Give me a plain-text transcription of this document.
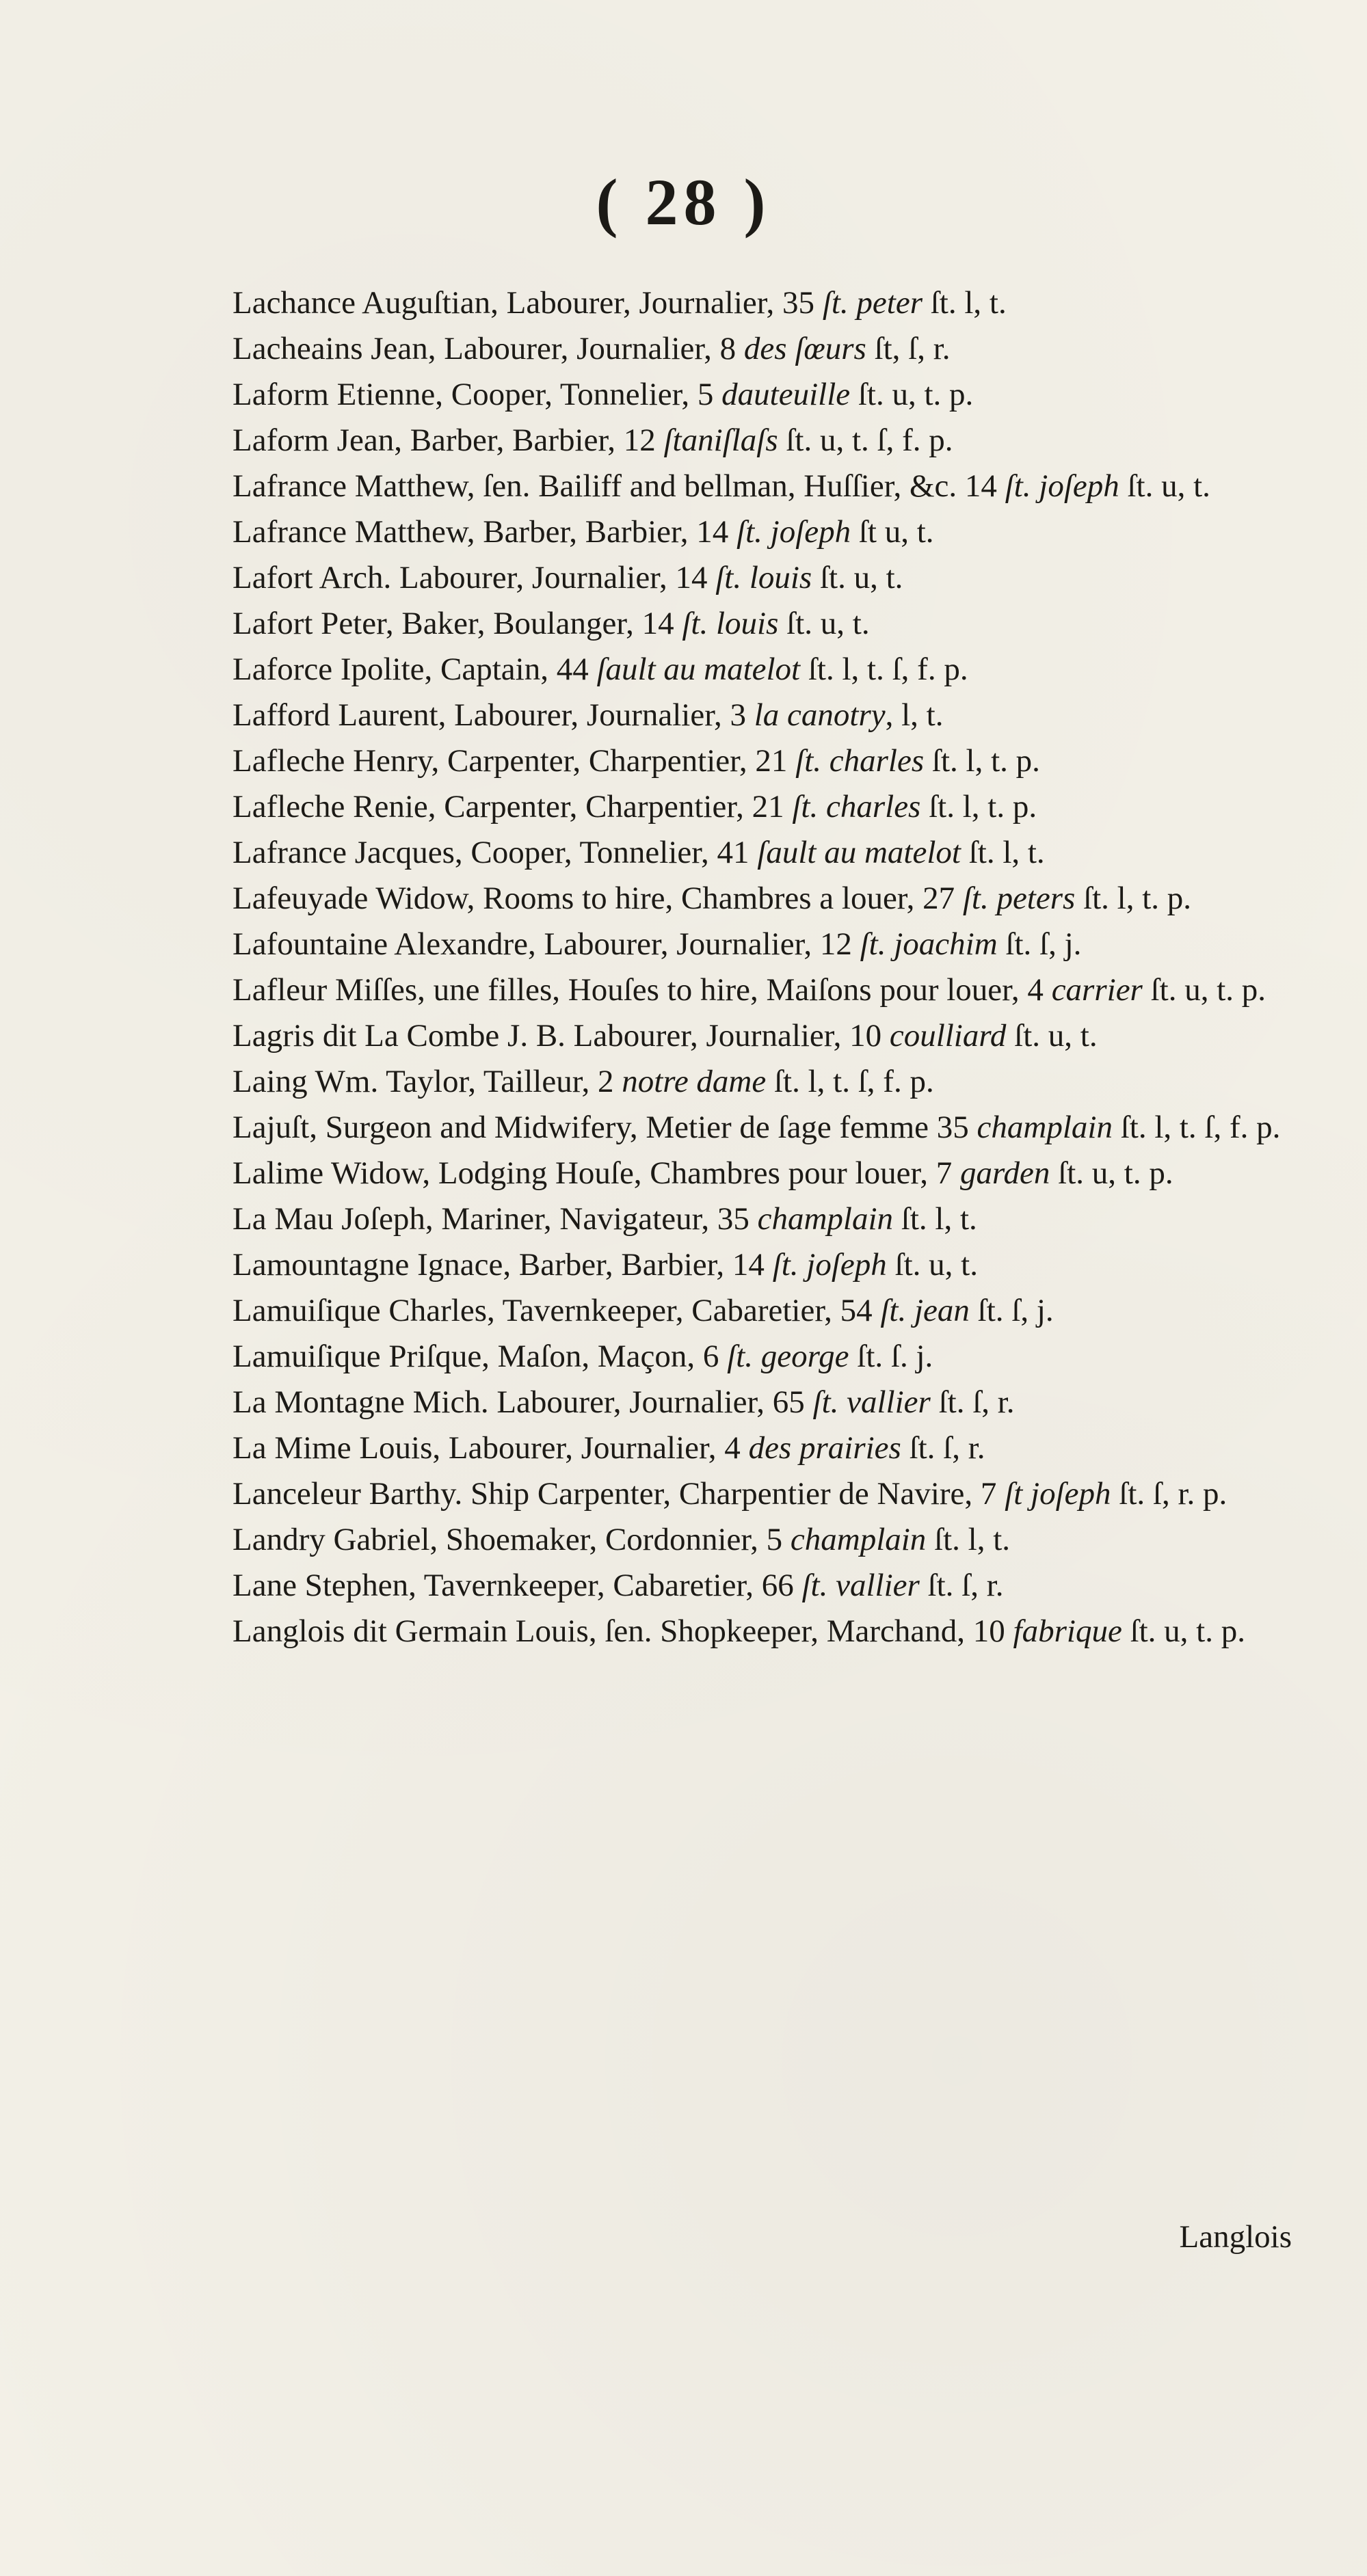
( 28 )

Lachance Auguſtian, Labourer, Journalier, 35 ſt. peter ſt. l, t.

Lacheains Jean, Labourer, Journalier, 8 des ſœurs ſt, ſ, r.

Laform Etienne, Cooper, Tonnelier, 5 dauteuille ſt. u, t. p.

Laform Jean, Barber, Barbier, 12 ſtaniſlaſs ſt. u, t. ſ, f. p.

Lafrance Matthew, ſen. Bailiff and bellman, Huſſier, &c. 14 ſt. joſeph ſt. u, t.

Lafrance Matthew, Barber, Barbier, 14 ſt. joſeph ſt u, t.

Lafort Arch. Labourer, Journalier, 14 ſt. louis ſt. u, t.

Lafort Peter, Baker, Boulanger, 14 ſt. louis ſt. u, t.

Laforce Ipolite, Captain, 44 ſault au matelot ſt. l, t. ſ, f. p.

Lafford Laurent, Labourer, Journalier, 3 la canotry, l, t.

Lafleche Henry, Carpenter, Charpentier, 21 ſt. charles ſt. l, t. p.

Lafleche Renie, Carpenter, Charpentier, 21 ſt. charles ſt. l, t. p.

Lafrance Jacques, Cooper, Tonnelier, 41 ſault au matelot ſt. l, t.

Lafeuyade Widow, Rooms to hire, Chambres a louer, 27 ſt. peters ſt. l, t. p.

Lafountaine Alexandre, Labourer, Journalier, 12 ſt. joachim ſt. ſ, j.

Lafleur Miſſes, une filles, Houſes to hire, Maiſons pour louer, 4 carrier ſt. u, t. p.

Lagris dit La Combe J. B. Labourer, Journalier, 10 coulliard ſt. u, t.

Laing Wm. Taylor, Tailleur, 2 notre dame ſt. l, t. ſ, f. p.

Lajuſt, Surgeon and Midwifery, Metier de ſage femme 35 champlain ſt. l, t. ſ, f. p.

Lalime Widow, Lodging Houſe, Chambres pour louer, 7 garden ſt. u, t. p.

La Mau Joſeph, Mariner, Navigateur, 35 champlain ſt. l, t.

Lamountagne Ignace, Barber, Barbier, 14 ſt. joſeph ſt. u, t.

Lamuiſique Charles, Tavernkeeper, Cabaretier, 54 ſt. jean ſt. ſ, j.

Lamuiſique Priſque, Maſon, Maçon, 6 ſt. george ſt. ſ. j.

La Montagne Mich. Labourer, Journalier, 65 ſt. vallier ſt. ſ, r.

La Mime Louis, Labourer, Journalier, 4 des prairies ſt. ſ, r.

Lanceleur Barthy. Ship Carpenter, Charpentier de Navire, 7 ſt joſeph ſt. ſ, r. p.

Landry Gabriel, Shoemaker, Cordonnier, 5 champlain ſt. l, t.

Lane Stephen, Tavernkeeper, Cabaretier, 66 ſt. vallier ſt. ſ, r.

Langlois dit Germain Louis, ſen. Shopkeeper, Marchand, 10 fabrique ſt. u, t. p.

Langlois
